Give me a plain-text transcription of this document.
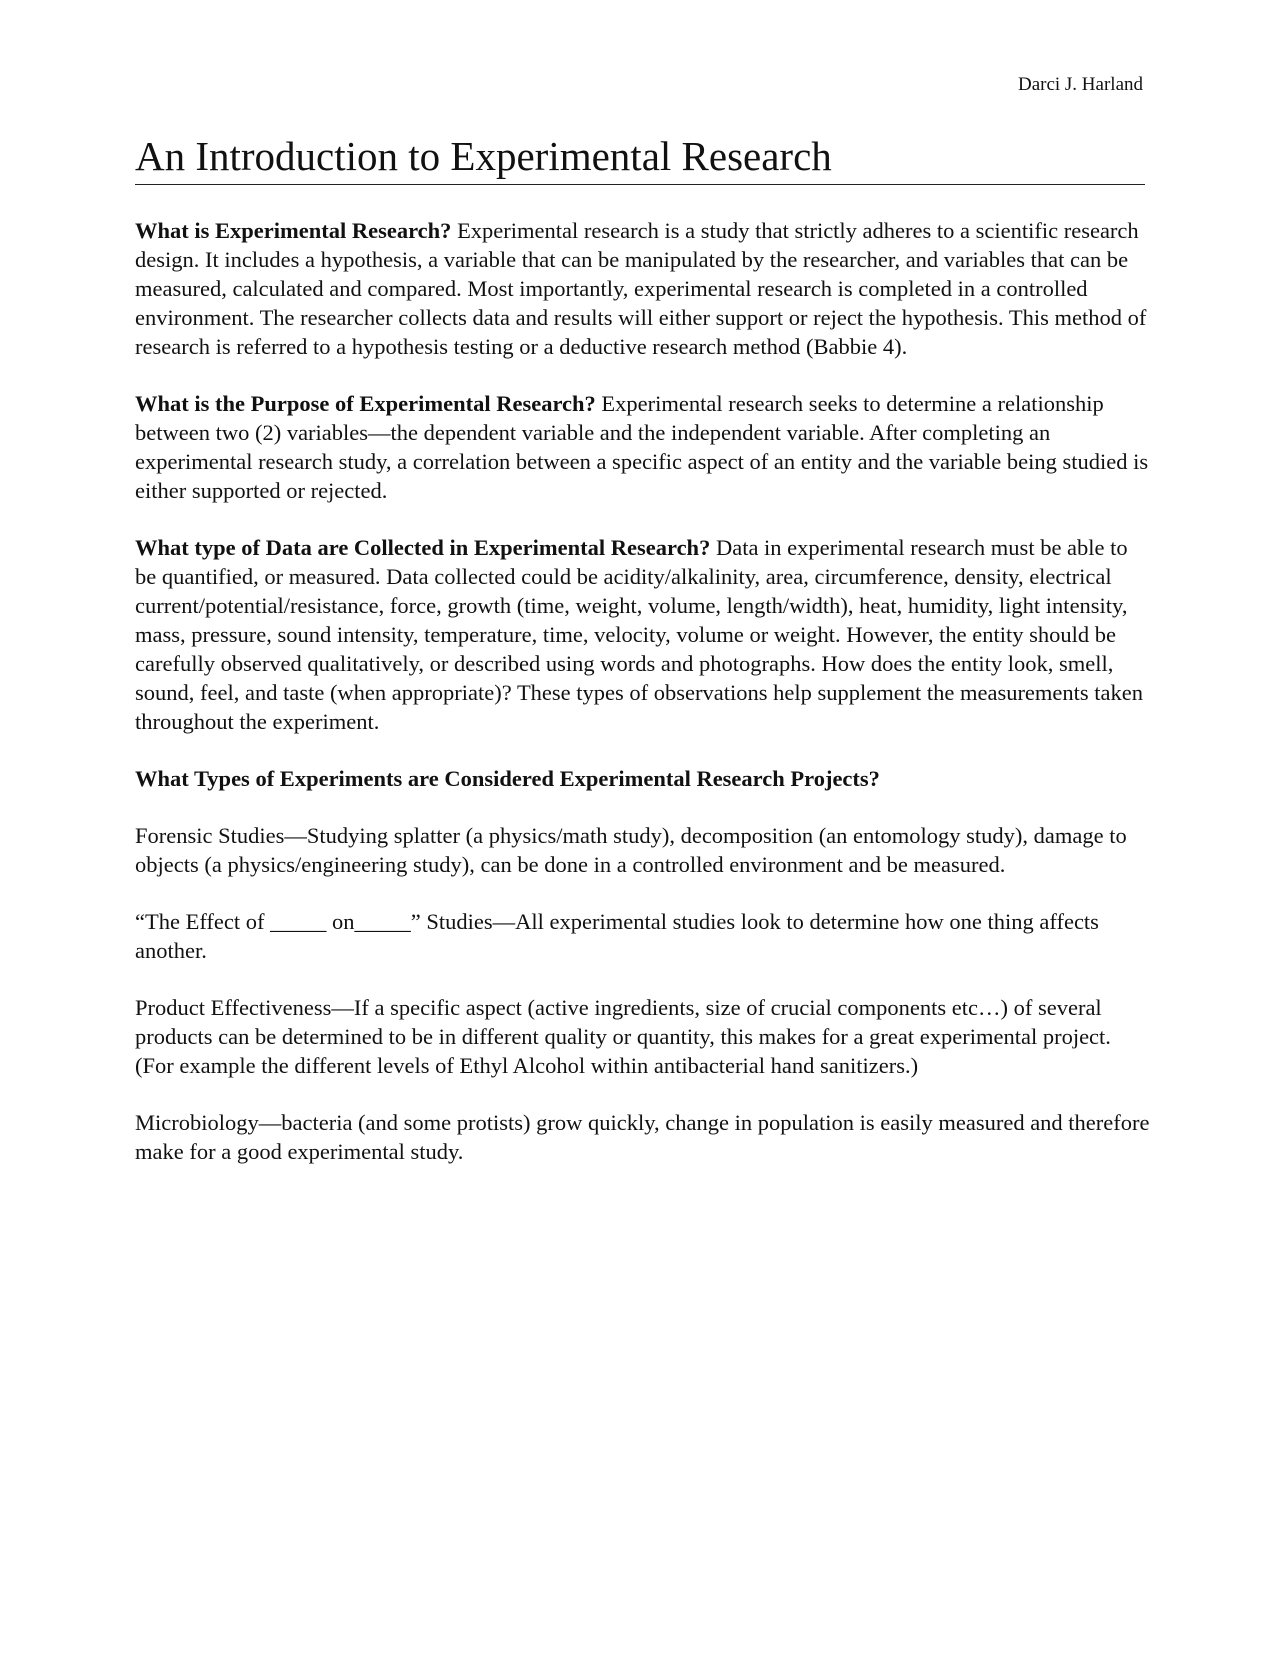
Darci J. Harland
An Introduction to Experimental Research

What is Experimental Research? Experimental research is a study that strictly adheres to a scientific research design. It includes a hypothesis, a variable that can be manipulated by the researcher, and variables that can be measured, calculated and compared. Most importantly, experimental research is completed in a controlled environment. The researcher collects data and results will either support or reject the hypothesis. This method of research is referred to a hypothesis testing or a deductive research method (Babbie 4).

What is the Purpose of Experimental Research? Experimental research seeks to determine a relationship between two (2) variables—the dependent variable and the independent variable. After completing an experimental research study, a correlation between a specific aspect of an entity and the variable being studied is either supported or rejected.

What type of Data are Collected in Experimental Research? Data in experimental research must be able to be quantified, or measured. Data collected could be acidity/alkalinity, area, circumference, density, electrical current/potential/resistance, force, growth (time, weight, volume, length/width), heat, humidity, light intensity, mass, pressure, sound intensity, temperature, time, velocity, volume or weight. However, the entity should be carefully observed qualitatively, or described using words and photographs. How does the entity look, smell, sound, feel, and taste (when appropriate)? These types of observations help supplement the measurements taken throughout the experiment.

What Types of Experiments are Considered Experimental Research Projects?

Forensic Studies—Studying splatter (a physics/math study), decomposition (an entomology study), damage to objects (a physics/engineering study), can be done in a controlled environment and be measured.

“The Effect of _____ on_____” Studies—All experimental studies look to determine how one thing affects another.

Product Effectiveness—If a specific aspect (active ingredients, size of crucial components etc…) of several products can be determined to be in different quality or quantity, this makes for a great experimental project. (For example the different levels of Ethyl Alcohol within antibacterial hand sanitizers.)

Microbiology—bacteria (and some protists) grow quickly, change in population is easily measured and therefore make for a good experimental study.
